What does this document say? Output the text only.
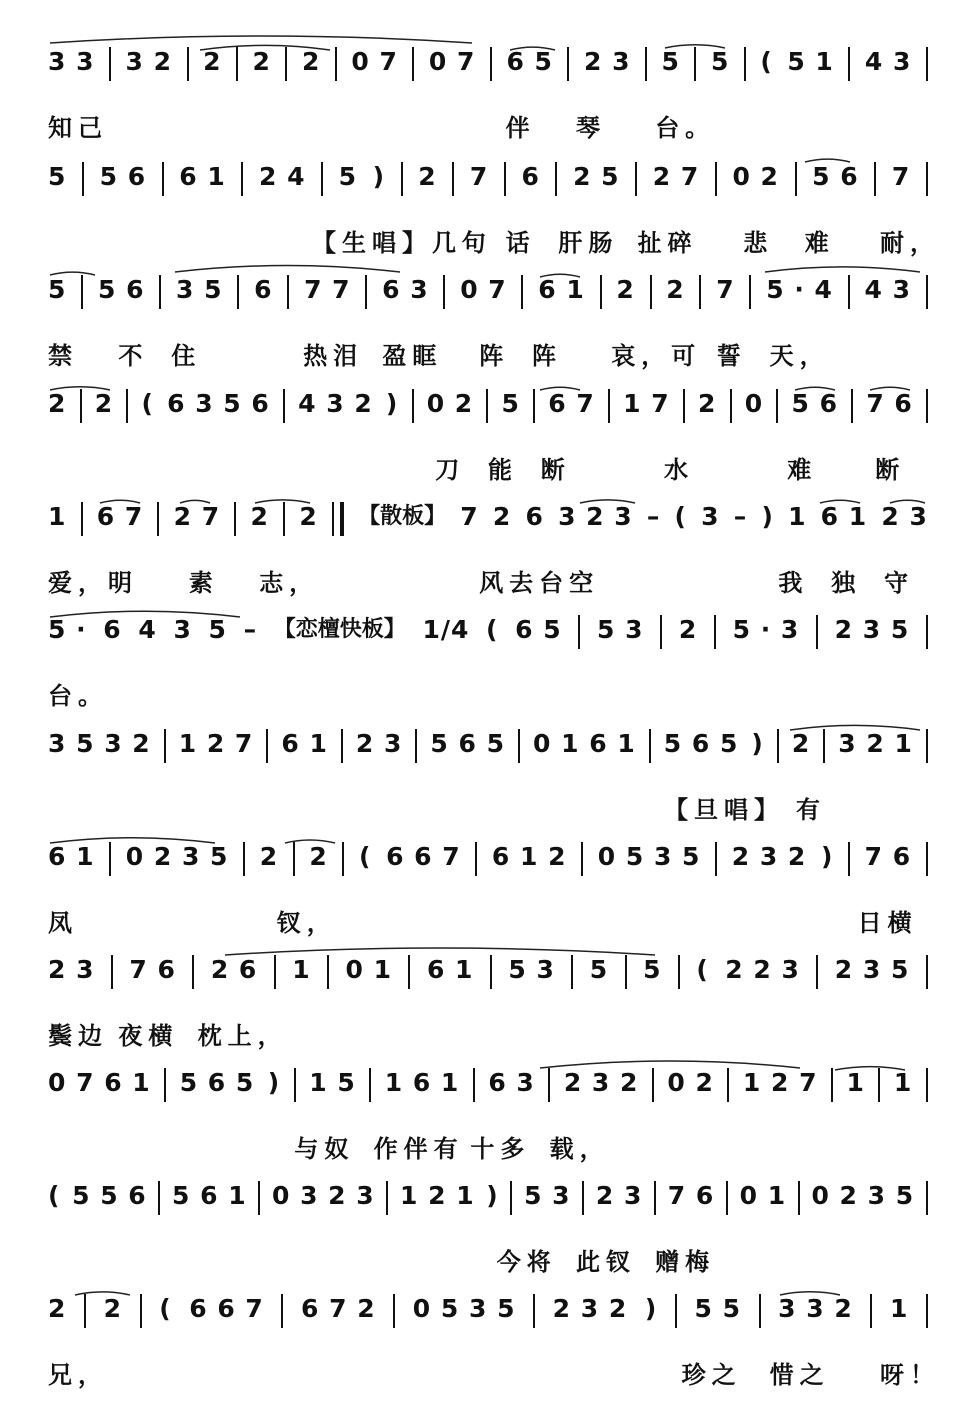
3 3 3 2 2 2 2 0 7 0 7 6 5 2 3 5 5 ( 5 1 4 3
知己	伴 琴 台。
5 5 6 6 1 2 4 5 ) 2 7 6 2 5 2 7 0 2 5 6 7
【生唱】几 句 话 肝肠 扯碎 悲 难 耐，
5 5 6 3 5 6 7 7 6 3 0 7 6 1 2 2 7 5 · 4 4 3
禁 不 住	热泪 盈眶 阵 阵 哀，可 誓 天，
2 2 ( 6 3 5 6 4 3 2 ) 0 2 5 6 7 1 7 2 0 5 6 7 6
刀 能 断	水	难 断
1 6 7 2 7 2 2 【散板】 7 2 6 3 2 3 – ( 3 – ) 1 6 1 2 3
爱，明 素 志，	风去台空	我 独 守
5 · 6 4 3 5 – 【恋檀快板】 1/4 ( 6 5 5 3 2 5 · 3 2 3 5
台。
3 5 3 2 1 2 7 6 1 2 3 5 6 5 0 1 6 1 5 6 5 ) 2 3 2 1
【旦唱】 有
6 1 0 2 3 5 2 2 ( 6 6 7 6 1 2 0 5 3 5 2 3 2 ) 7 6
凤	钗，	日横
2 3 7 6 2 6 1 0 1 6 1 5 3 5 5 ( 2 2 3 2 3 5
鬓边 夜横 枕上，
0 7 6 1 5 6 5 ) 1 5 1 6 1 6 3 2 3 2 0 2 1 2 7 1 1
与奴 作伴有 十多 载，
( 5 5 6 5 6 1 0 3 2 3 1 2 1 ) 5 3 2 3 7 6 0 1 0 2 3 5
今将 此钗 赠梅
2 2 ( 6 6 7 6 7 2 0 5 3 5 2 3 2 ) 5 5 3 3 2 1
兄，	珍之 惜之 呀！
